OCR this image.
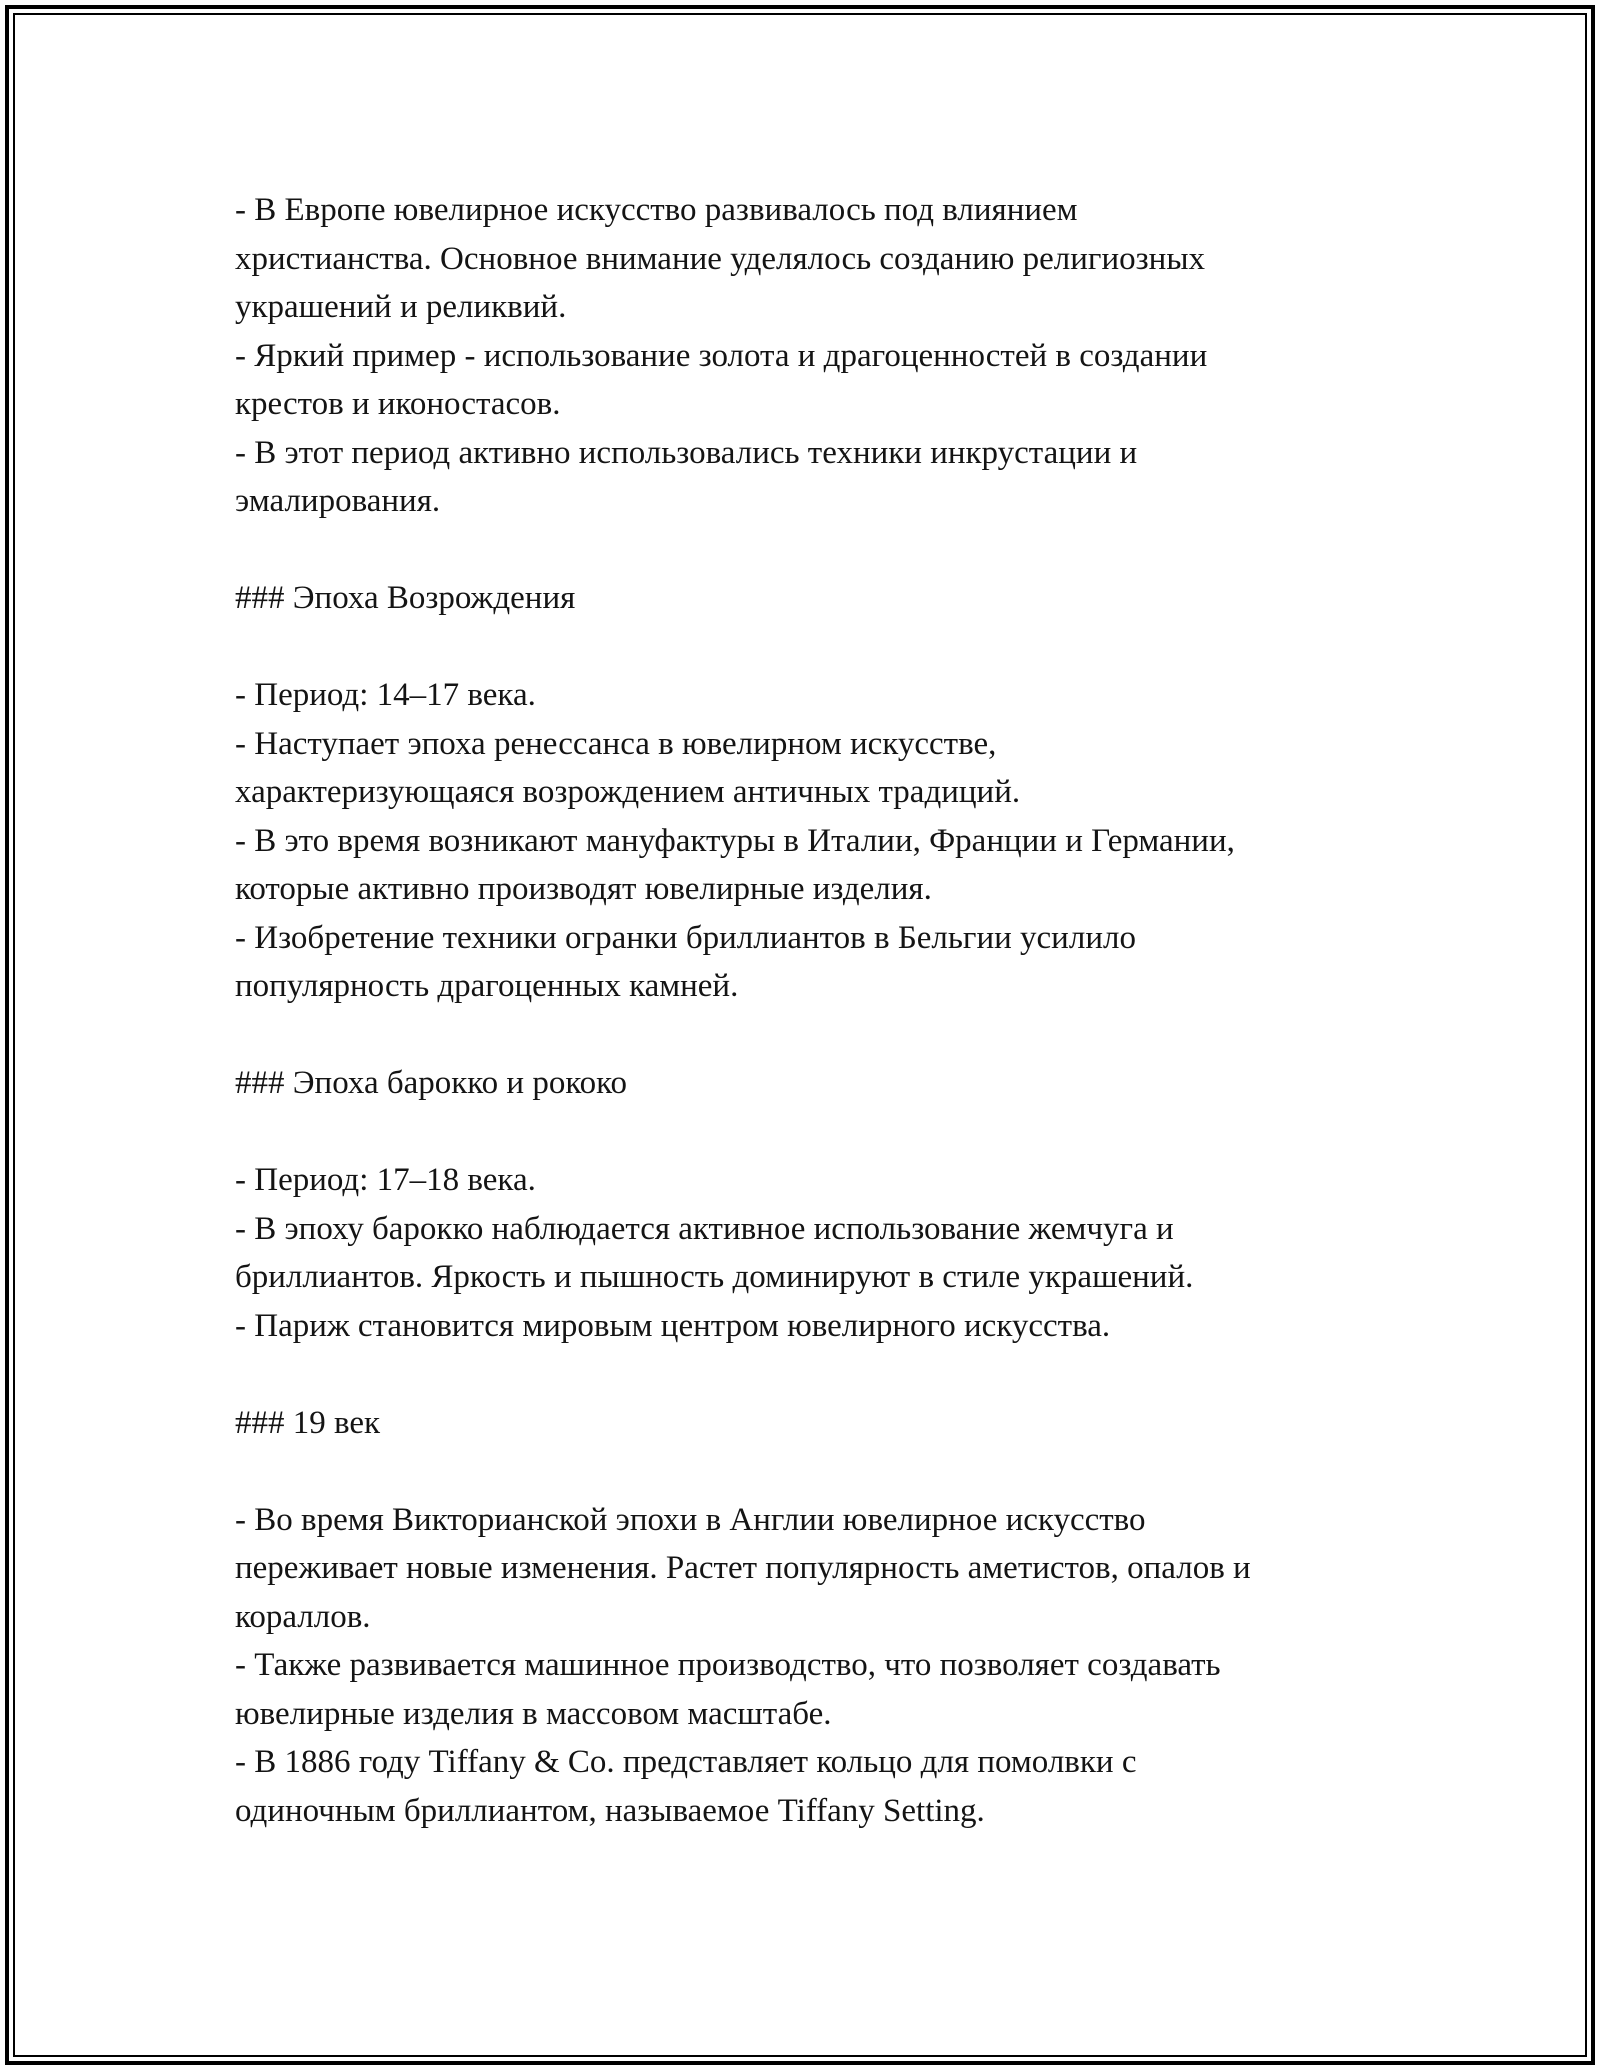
- В Европе ювелирное искусство развивалось под влиянием
христианства. Основное внимание уделялось созданию религиозных
украшений и реликвий.
- Яркий пример - использование золота и драгоценностей в создании
крестов и иконостасов.
- В этот период активно использовались техники инкрустации и
эмалирования.
### Эпоха Возрождения
- Период: 14–17 века.
- Наступает эпоха ренессанса в ювелирном искусстве,
характеризующаяся возрождением античных традиций.
- В это время возникают мануфактуры в Италии, Франции и Германии,
которые активно производят ювелирные изделия.
- Изобретение техники огранки бриллиантов в Бельгии усилило
популярность драгоценных камней.
### Эпоха барокко и рококо
- Период: 17–18 века.
- В эпоху барокко наблюдается активное использование жемчуга и
бриллиантов. Яркость и пышность доминируют в стиле украшений.
- Париж становится мировым центром ювелирного искусства.
### 19 век
- Во время Викторианской эпохи в Англии ювелирное искусство
переживает новые изменения. Растет популярность аметистов, опалов и
кораллов.
- Также развивается машинное производство, что позволяет создавать
ювелирные изделия в массовом масштабе.
- В 1886 году Tiffany & Co. представляет кольцо для помолвки с
одиночным бриллиантом, называемое Tiffany Setting.
